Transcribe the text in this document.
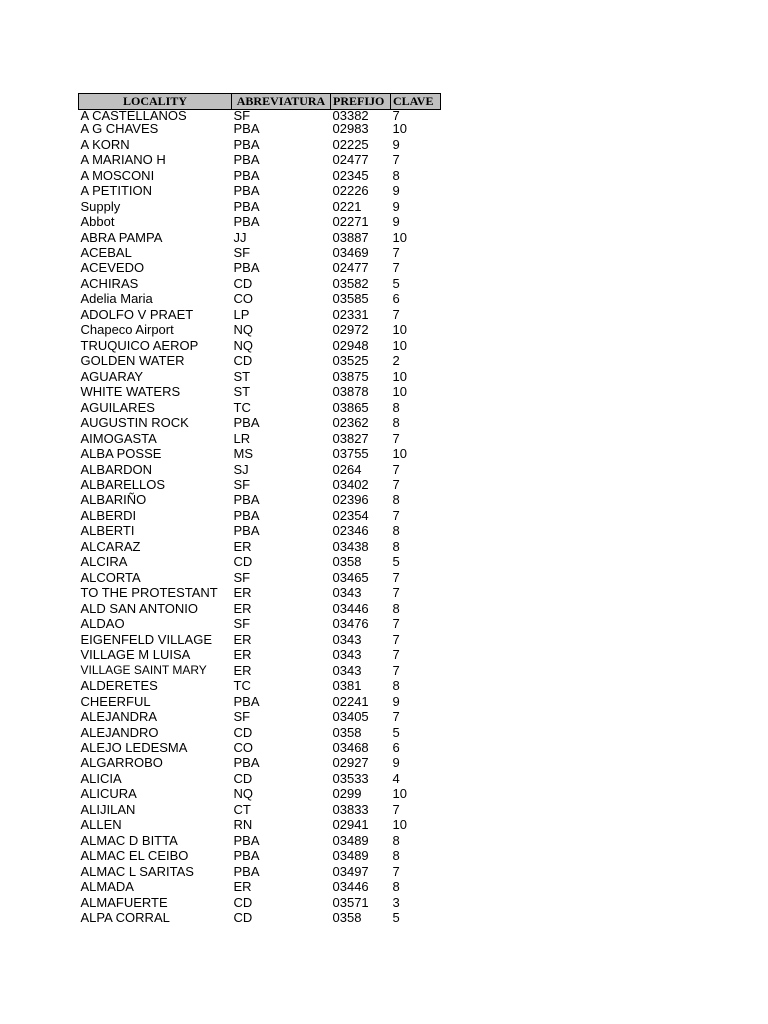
LOCALITY	ABREVIATURA	PREFIJO	CLAVE
A CASTELLANOS	SF	03382	7
A G CHAVES	PBA	02983	10
A KORN	PBA	02225	9
A MARIANO H	PBA	02477	7
A MOSCONI	PBA	02345	8
A PETITION	PBA	02226	9
Supply	PBA	0221	9
Abbot	PBA	02271	9
ABRA PAMPA	JJ	03887	10
ACEBAL	SF	03469	7
ACEVEDO	PBA	02477	7
ACHIRAS	CD	03582	5
Adelia Maria	CO	03585	6
ADOLFO V PRAET	LP	02331	7
Chapeco Airport	NQ	02972	10
TRUQUICO AEROP	NQ	02948	10
GOLDEN WATER	CD	03525	2
AGUARAY	ST	03875	10
WHITE WATERS	ST	03878	10
AGUILARES	TC	03865	8
AUGUSTIN ROCK	PBA	02362	8
AIMOGASTA	LR	03827	7
ALBA POSSE	MS	03755	10
ALBARDON	SJ	0264	7
ALBARELLOS	SF	03402	7
ALBARIÑO	PBA	02396	8
ALBERDI	PBA	02354	7
ALBERTI	PBA	02346	8
ALCARAZ	ER	03438	8
ALCIRA	CD	0358	5
ALCORTA	SF	03465	7
TO THE PROTESTANT	ER	0343	7
ALD SAN ANTONIO	ER	03446	8
ALDAO	SF	03476	7
EIGENFELD VILLAGE	ER	0343	7
VILLAGE M LUISA	ER	0343	7
VILLAGE SAINT MARY	ER	0343	7
ALDERETES	TC	0381	8
CHEERFUL	PBA	02241	9
ALEJANDRA	SF	03405	7
ALEJANDRO	CD	0358	5
ALEJO LEDESMA	CO	03468	6
ALGARROBO	PBA	02927	9
ALICIA	CD	03533	4
ALICURA	NQ	0299	10
ALIJILAN	CT	03833	7
ALLEN	RN	02941	10
ALMAC D BITTA	PBA	03489	8
ALMAC EL CEIBO	PBA	03489	8
ALMAC L SARITAS	PBA	03497	7
ALMADA	ER	03446	8
ALMAFUERTE	CD	03571	3
ALPA CORRAL	CD	0358	5
